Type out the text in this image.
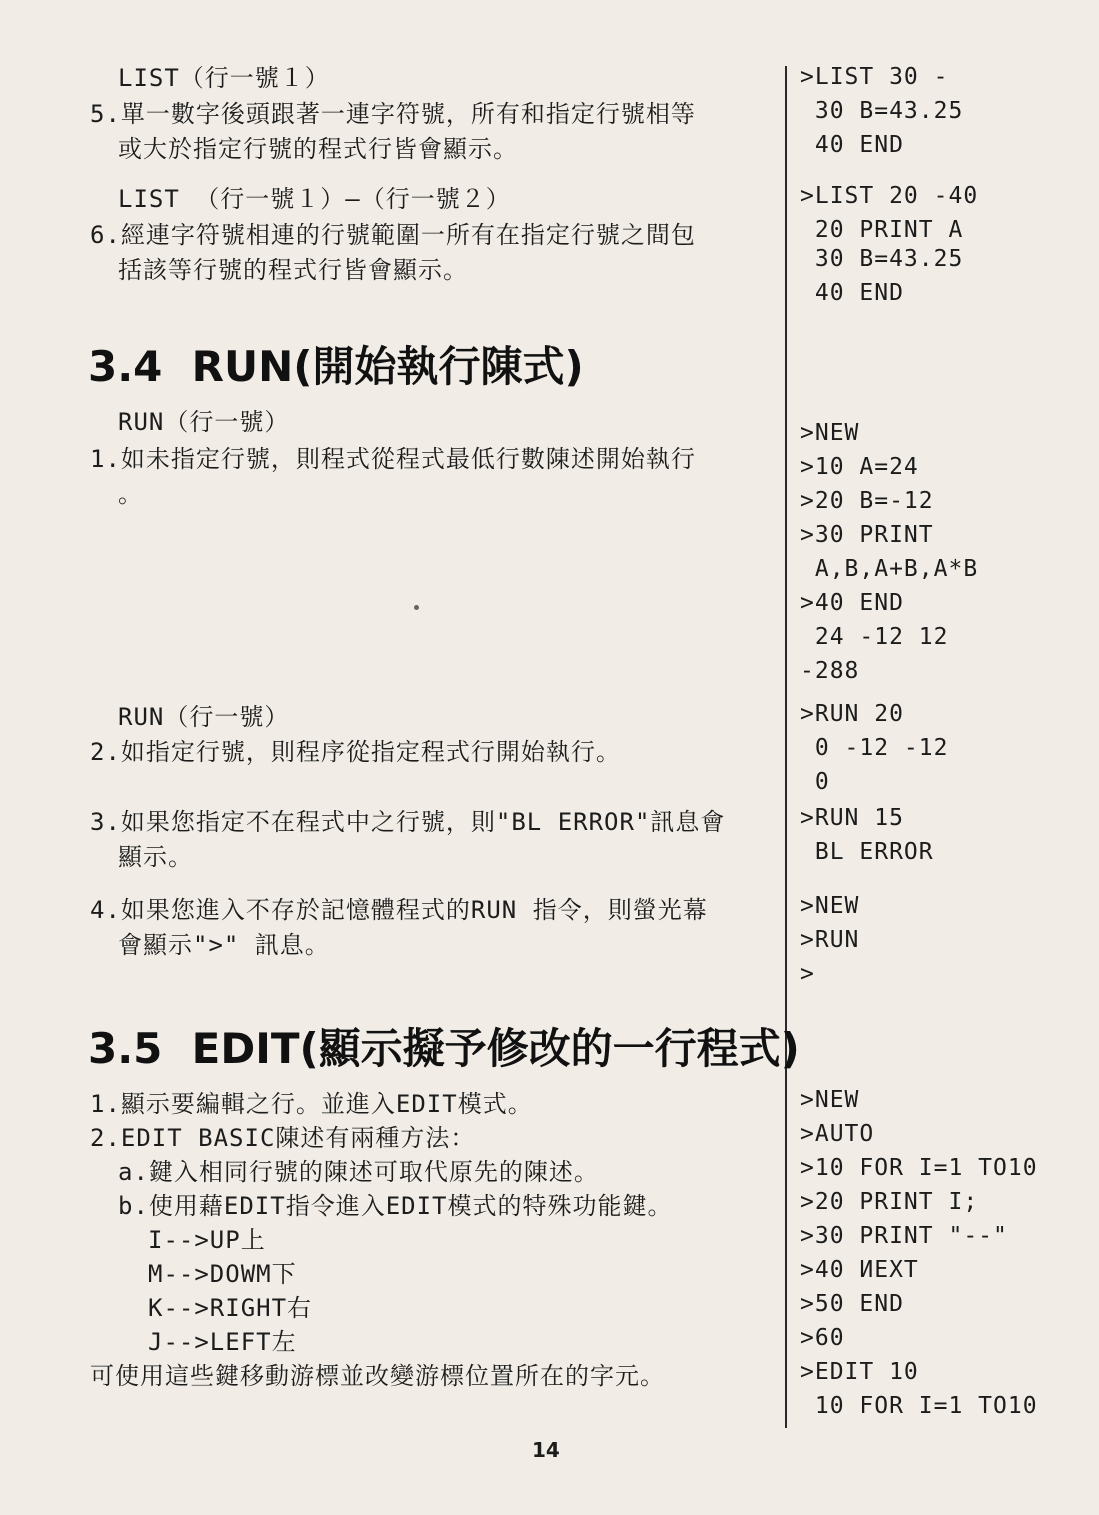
LIST（行一號１）
5.單一數字後頭跟著一連字符號，所有和指定行號相等
或大於指定行號的程式行皆會顯示。
LIST （行一號１）—（行一號２）
6.經連字符號相連的行號範圍一所有在指定行號之間包
括該等行號的程式行皆會顯示。
3.4  RUN(開始執行陳式)
RUN（行一號）
1.如未指定行號，則程式從程式最低行數陳述開始執行
。
RUN（行一號）
2.如指定行號，則程序從指定程式行開始執行。
3.如果您指定不在程式中之行號，則"BL ERROR"訊息會
顯示。
4.如果您進入不存於記憶體程式的RUN 指令，則螢光幕
會顯示">" 訊息。
3.5  EDIT(顯示擬予修改的一行程式)
1.顯示要編輯之行。並進入EDIT模式。
2.EDIT BASIC陳述有兩種方法：
a.鍵入相同行號的陳述可取代原先的陳述。
b.使用藉EDIT指令進入EDIT模式的特殊功能鍵。
I-->UP上
M-->DOWM下
K-->RIGHT右
J-->LEFT左
可使用這些鍵移動游標並改變游標位置所在的字元。
>LIST 30 -
30 B=43.25
40 END
>LIST 20 -40
20 PRINT A
30 B=43.25
40 END
>NEW
>10 A=24
>20 B=-12
>30 PRINT
A,B,A+B,A*B
>40 END
24 -12 12
-288
>RUN 20
0 -12 -12
0
>RUN 15
BL ERROR
>NEW
>RUN
>
>NEW
>AUTO
>10 FOR I=1 TO10
>20 PRINT I;
>30 PRINT "--"
>40 ИEXT
>50 END
>60
>EDIT 10
10 FOR I=1 TO10
14
